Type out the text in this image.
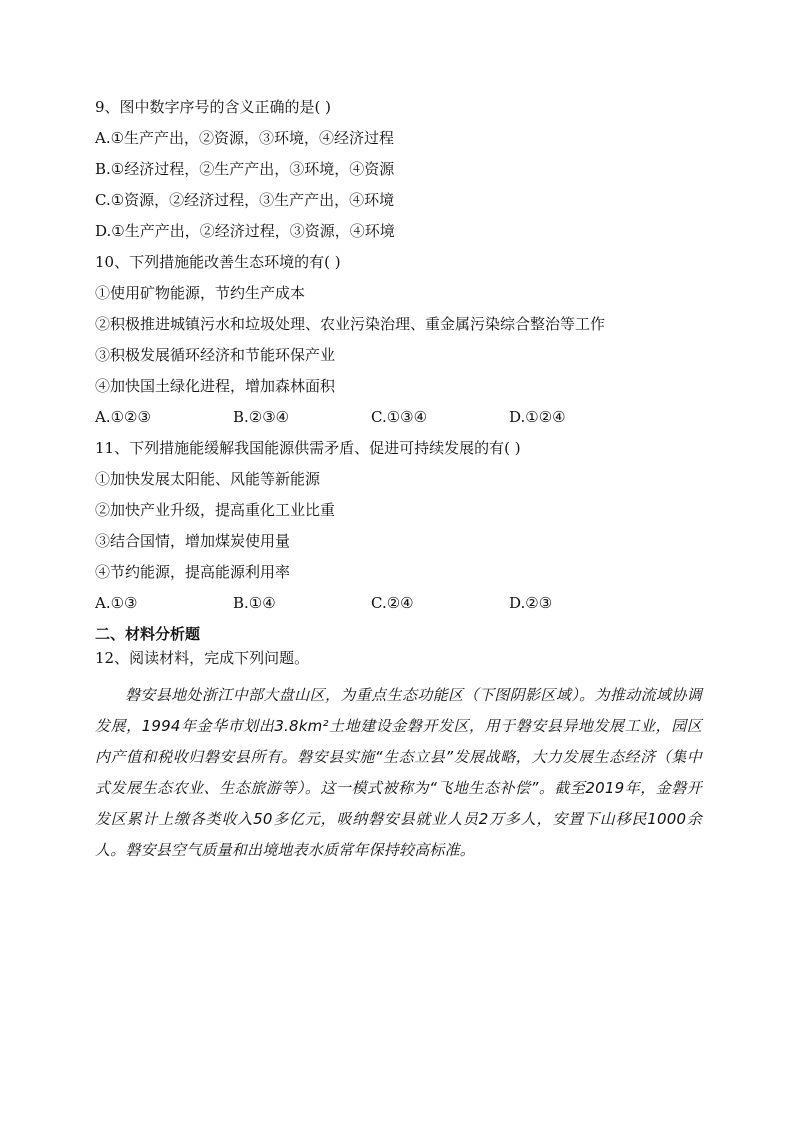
9、图中数字序号的含义正确的是( )
A.①生产产出，②资源，③环境，④经济过程
B.①经济过程，②生产产出，③环境，④资源
C.①资源，②经济过程，③生产产出，④环境
D.①生产产出，②经济过程，③资源，④环境
10、下列措施能改善生态环境的有( )
①使用矿物能源，节约生产成本
②积极推进城镇污水和垃圾处理、农业污染治理、重金属污染综合整治等工作
③积极发展循环经济和节能环保产业
④加快国土绿化进程，增加森林面积
A.①②③	B.②③④	C.①③④	D.①②④
11、下列措施能缓解我国能源供需矛盾、促进可持续发展的有( )
①加快发展太阳能、风能等新能源
②加快产业升级，提高重化工业比重
③结合国情，增加煤炭使用量
④节约能源，提高能源利用率
A.①③	B.①④	C.②④	D.②③
二、材料分析题
12、阅读材料，完成下列问题。

磐安县地处浙江中部大盘山区，为重点生态功能区（下图阴影区域）。为推动流域协调发展，1994年金华市划出3.8km²土地建设金磐开发区，用于磐安县异地发展工业，园区内产值和税收归磐安县所有。磐安县实施“生态立县”发展战略，大力发展生态经济（集中式发展生态农业、生态旅游等）。这一模式被称为“飞地生态补偿”。截至2019年，金磐开发区累计上缴各类收入50多亿元，吸纳磐安县就业人员2万多人，安置下山移民1000余人。磐安县空气质量和出境地表水质常年保持较高标准。
